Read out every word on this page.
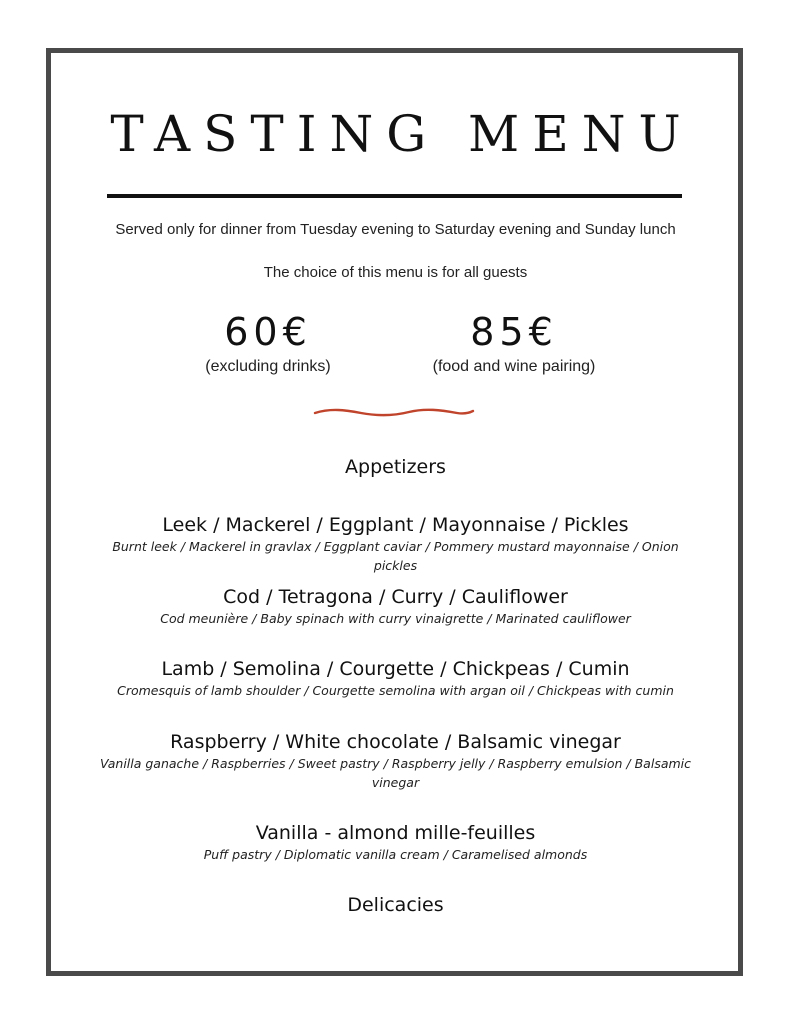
TASTING MENU
Served only for dinner from Tuesday evening to Saturday evening and Sunday lunch
The choice of this menu is for all guests
60€
(excluding drinks)
85€
(food and wine pairing)
Appetizers
Leek / Mackerel / Eggplant / Mayonnaise / Pickles
Burnt leek / Mackerel in gravlax / Eggplant caviar / Pommery mustard mayonnaise / Onion pickles
Cod / Tetragona / Curry / Cauliflower
Cod meunière / Baby spinach with curry vinaigrette / Marinated cauliflower
Lamb / Semolina / Courgette / Chickpeas / Cumin
Cromesquis of lamb shoulder / Courgette semolina with argan oil / Chickpeas with cumin
Raspberry / White chocolate / Balsamic vinegar
Vanilla ganache / Raspberries / Sweet pastry / Raspberry jelly / Raspberry emulsion / Balsamic vinegar
Vanilla - almond mille-feuilles
Puff pastry / Diplomatic vanilla cream / Caramelised almonds
Delicacies
